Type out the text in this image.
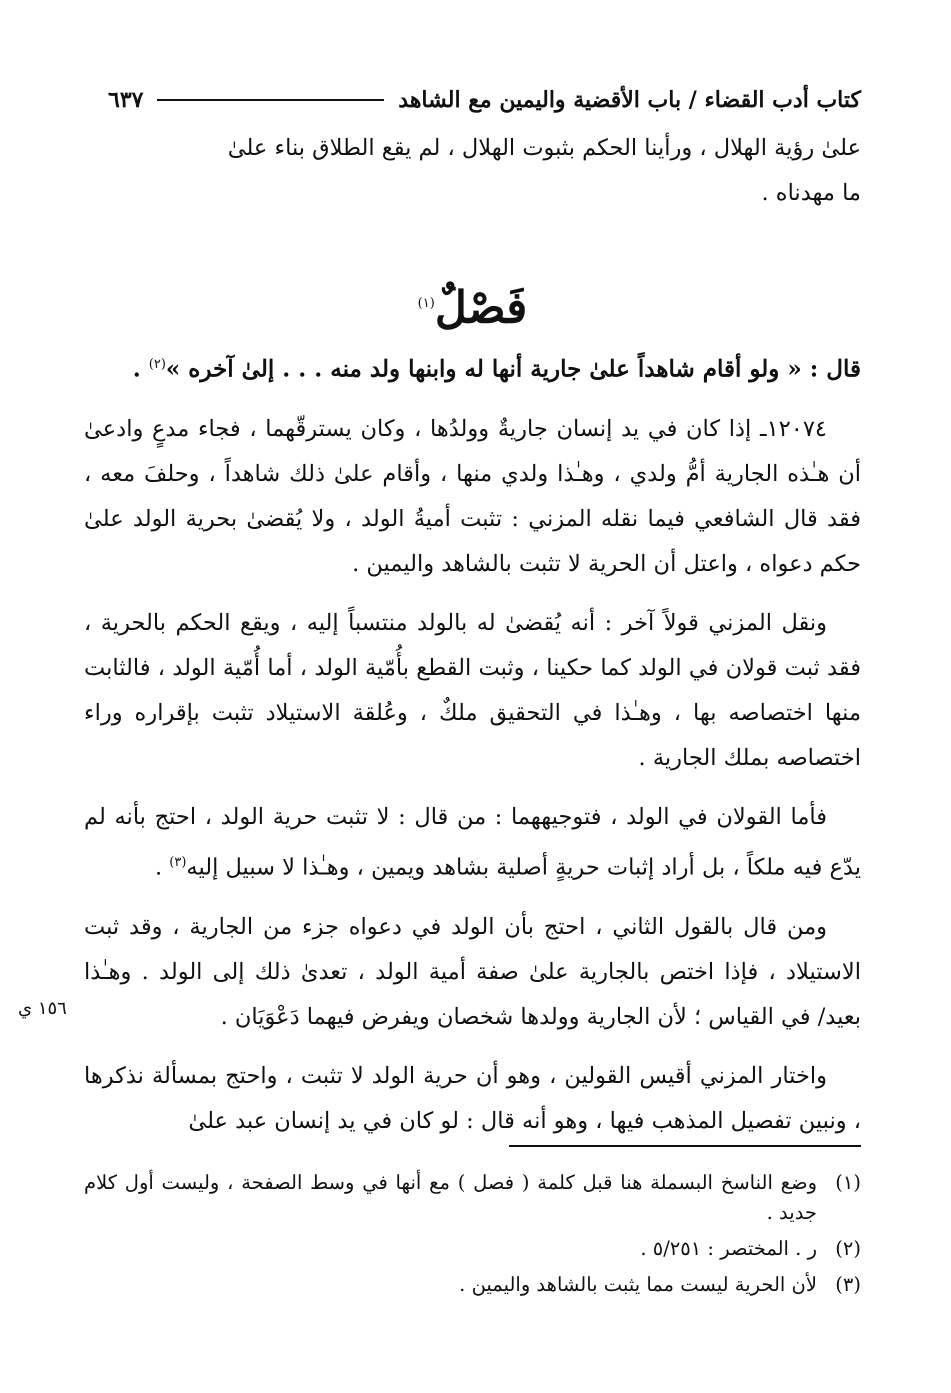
كتاب أدب القضاء / باب الأقضية واليمين مع الشاهد
٦٣٧

علىٰ رؤية الهلال ، ورأينا الحكم بثبوت الهلال ، لم يقع الطلاق بناء علىٰ

ما مهدناه .

فَصْلٌ$^{(١)}$

قال : « ولو أقام شاهداً علىٰ جارية أنها له وابنها ولد منه . . . إلىٰ آخره »$^{(٢)}$ .

١٢٠٧٤ـ إذا كان في يد إنسان جاريةٌ وولدُها ، وكان يسترقّهما ، فجاء مدعٍ وادعىٰ أن هـٰذه الجارية أمُّ ولدي ، وهـٰذا ولدي منها ، وأقام علىٰ ذلك شاهداً ، وحلفَ معه ، فقد قال الشافعي فيما نقله المزني : تثبت أميةُ الولد ، ولا يُقضىٰ بحرية الولد علىٰ حكم دعواه ، واعتل أن الحرية لا تثبت بالشاهد واليمين .

ونقل المزني قولاً آخر : أنه يُقضىٰ له بالولد منتسباً إليه ، ويقع الحكم بالحرية ، فقد ثبت قولان في الولد كما حكينا ، وثبت القطع بأُمّية الولد ، أما أُمّية الولد ، فالثابت منها اختصاصه بها ، وهـٰذا في التحقيق ملكٌ ، وعُلقة الاستيلاد تثبت بإقراره وراء اختصاصه بملك الجارية .

فأما القولان في الولد ، فتوجيههما : من قال : لا تثبت حرية الولد ، احتج بأنه لم يدّع فيه ملكاً ، بل أراد إثبات حريةٍ أصلية بشاهد ويمين ، وهـٰذا لا سبيل إليه$^{(٣)}$ .

ومن قال بالقول الثاني ، احتج بأن الولد في دعواه جزء من الجارية ، وقد ثبت الاستيلاد ، فإذا اختص بالجارية علىٰ صفة أمية الولد ، تعدىٰ ذلك إلى الولد . وهـٰذا بعيد/ في القياس ؛ لأن الجارية وولدها شخصان ويفرض فيهما دَعْوَيَان .

واختار المزني أقيس القولين ، وهو أن حرية الولد لا تثبت ، واحتج بمسألة نذكرها ، ونبين تفصيل المذهب فيها ، وهو أنه قال : لو كان في يد إنسان عبد علىٰ

١٥٦ ي
(١)
وضع الناسخ البسملة هنا قبل كلمة ( فصل ) مع أنها في وسط الصفحة ، وليست أول كلام جديد .
(٢)
ر . المختصر : ٥/٢٥١ .
(٣)
لأن الحرية ليست مما يثبت بالشاهد واليمين .
